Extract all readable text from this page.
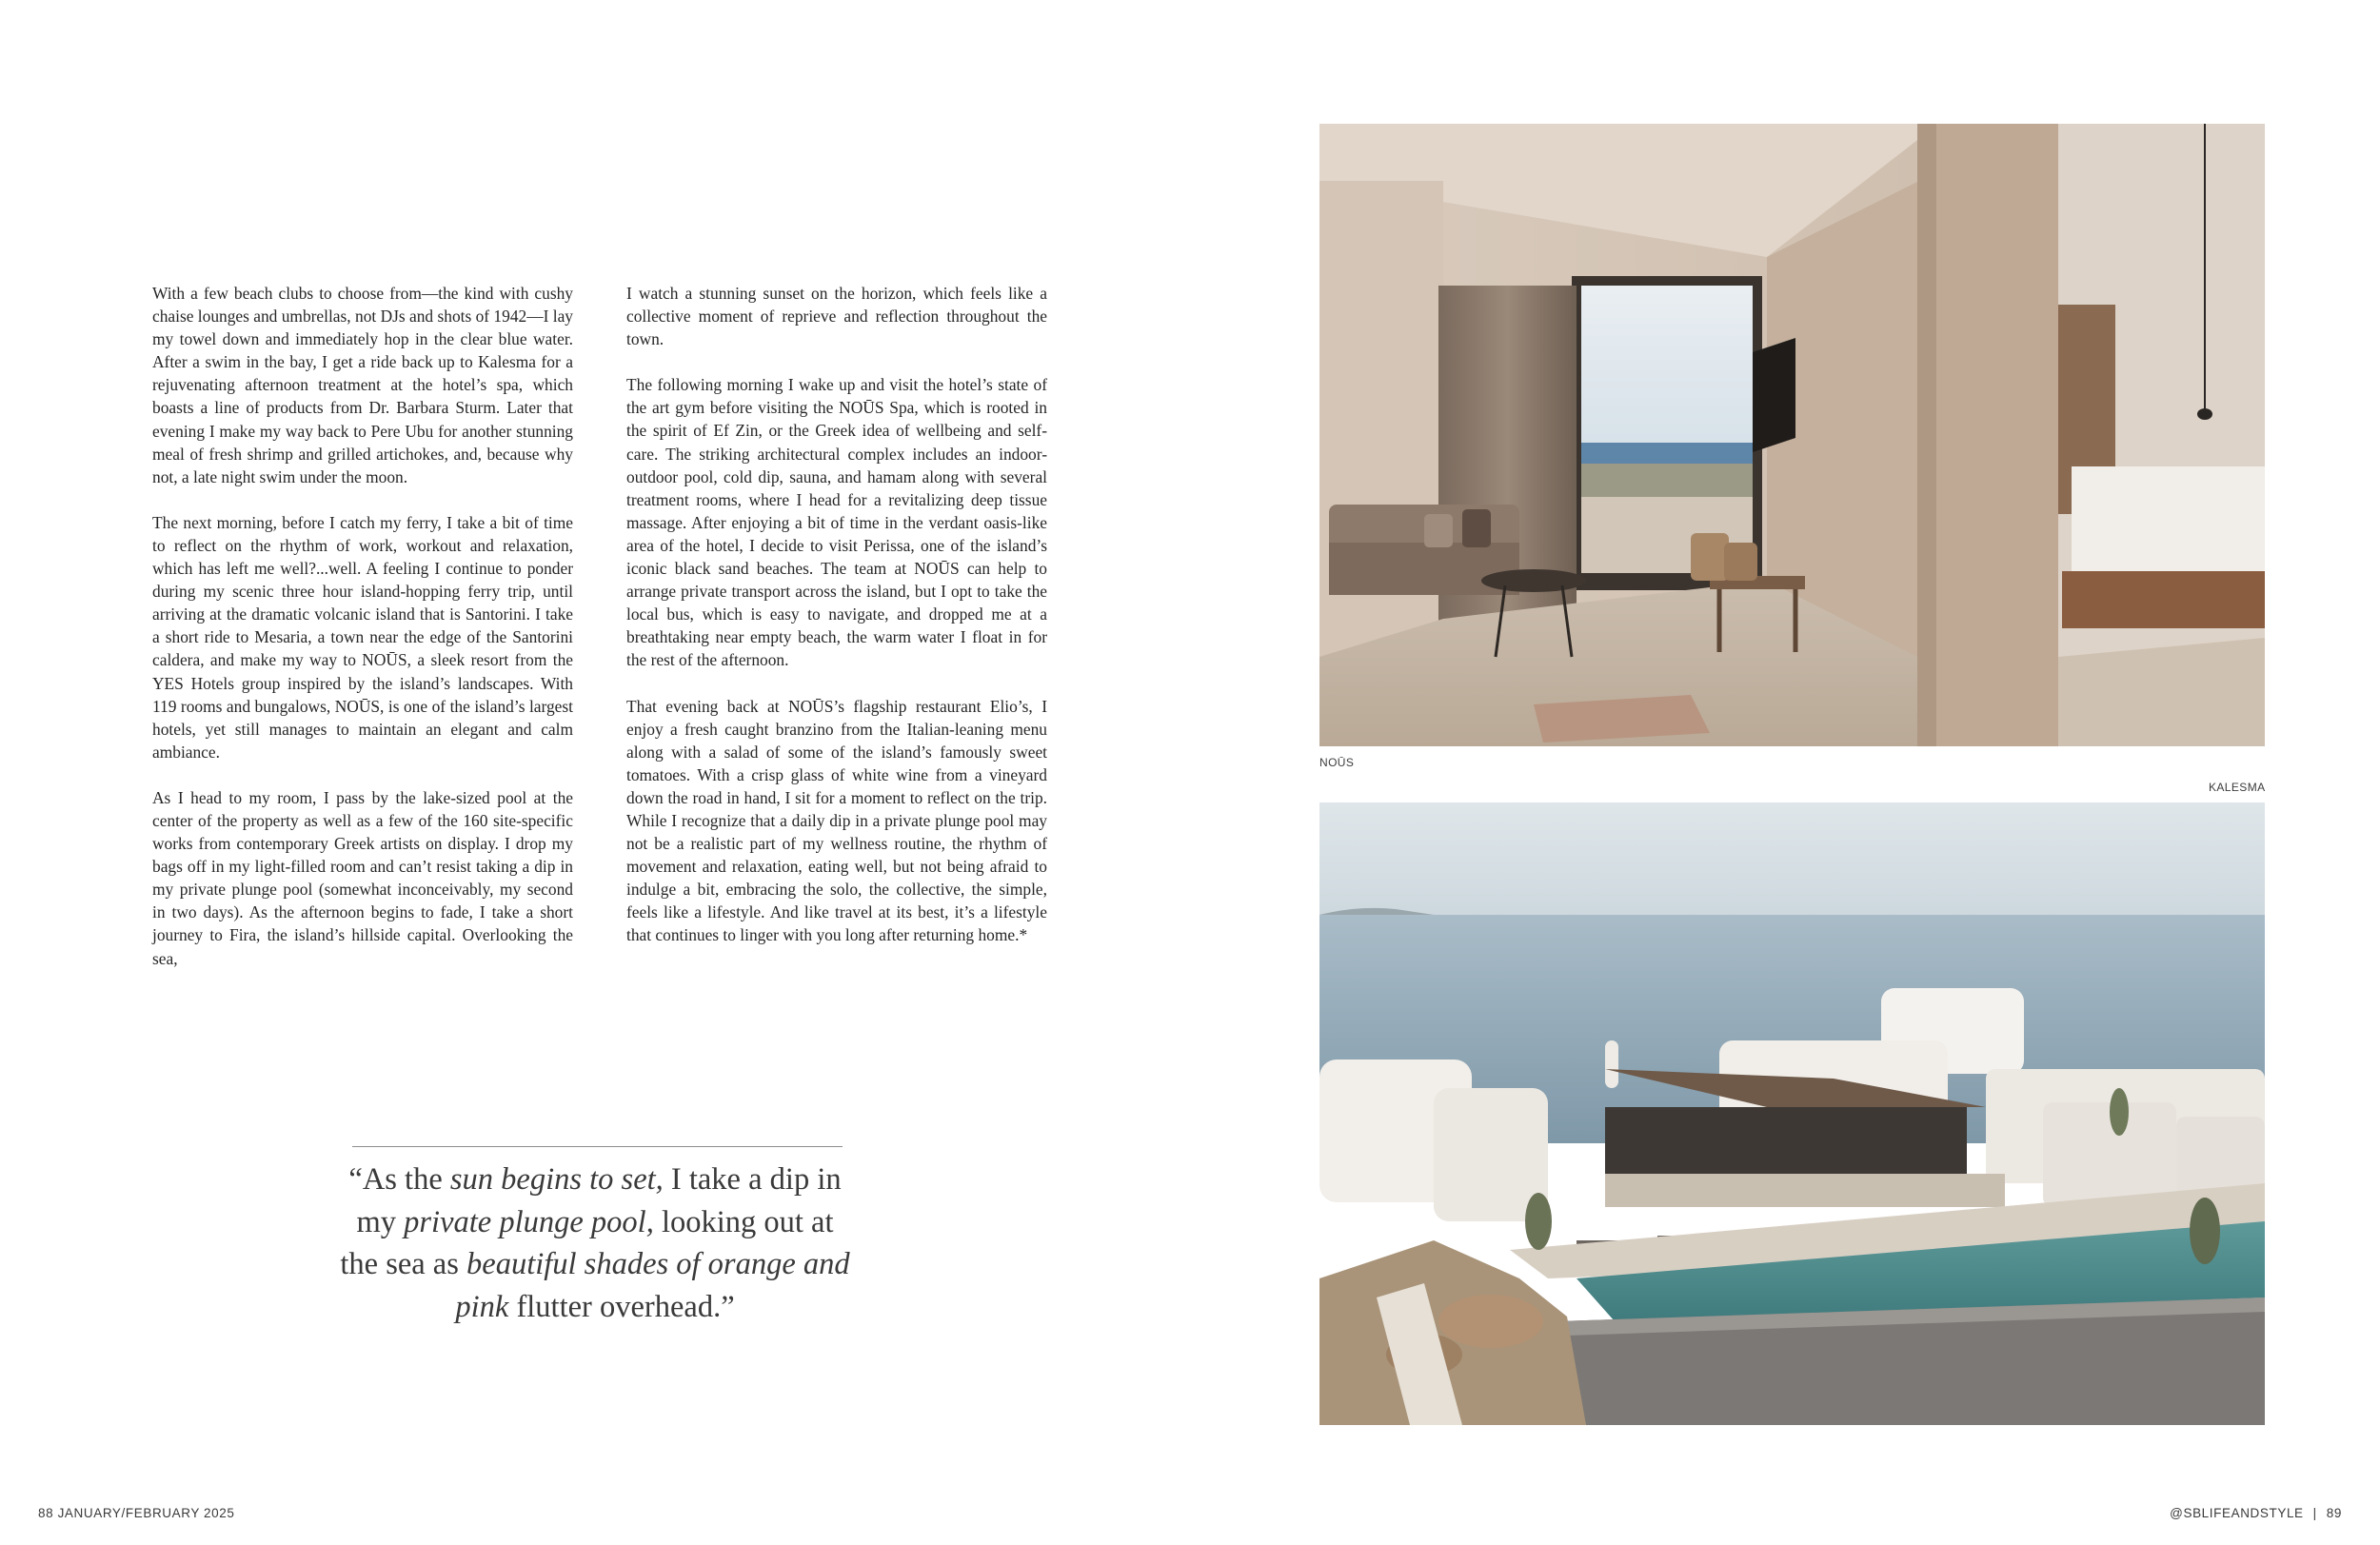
With a few beach clubs to choose from—the kind with cushy chaise lounges and umbrellas, not DJs and shots of 1942—I lay my towel down and immediately hop in the clear blue water. After a swim in the bay, I get a ride back up to Kalesma for a rejuvenating afternoon treatment at the hotel’s spa, which boasts a line of products from Dr. Barbara Sturm. Later that evening I make my way back to Pere Ubu for another stunning meal of fresh shrimp and grilled artichokes, and, because why not, a late night swim under the moon.

The next morning, before I catch my ferry, I take a bit of time to reflect on the rhythm of work, workout and relaxation, which has left me well?...well. A feeling I continue to ponder during my scenic three hour island-hopping ferry trip, until arriving at the dramatic volcanic island that is Santorini. I take a short ride to Mesaria, a town near the edge of the Santorini caldera, and make my way to NOŪS, a sleek resort from the YES Hotels group inspired by the island’s landscapes. With 119 rooms and bungalows, NOŪS, is one of the island’s largest hotels, yet still manages to maintain an elegant and calm ambiance.

As I head to my room, I pass by the lake-sized pool at the center of the property as well as a few of the 160 site-specific works from contemporary Greek artists on display. I drop my bags off in my light-filled room and can’t resist taking a dip in my private plunge pool (somewhat inconceivably, my second in two days). As the afternoon begins to fade, I take a short journey to Fira, the island’s hillside capital. Overlooking the sea,

I watch a stunning sunset on the horizon, which feels like a collective moment of reprieve and reflection throughout the town.

The following morning I wake up and visit the hotel’s state of the art gym before visiting the NOŪS Spa, which is rooted in the spirit of Ef Zin, or the Greek idea of wellbeing and self-care. The striking architectural complex includes an indoor-outdoor pool, cold dip, sauna, and hamam along with several treatment rooms, where I head for a revitalizing deep tissue massage. After enjoying a bit of time in the verdant oasis-like area of the hotel, I decide to visit Perissa, one of the island’s iconic black sand beaches. The team at NOŪS can help to arrange private transport across the island, but I opt to take the local bus, which is easy to navigate, and dropped me at a breathtaking near empty beach, the warm water I float in for the rest of the afternoon.

That evening back at NOŪS’s flagship restaurant Elio’s, I enjoy a fresh caught branzino from the Italian-leaning menu along with a salad of some of the island’s famously sweet tomatoes. With a crisp glass of white wine from a vineyard down the road in hand, I sit for a moment to reflect on the trip. While I recognize that a daily dip in a private plunge pool may not be a realistic part of my wellness routine, the rhythm of movement and relaxation, eating well, but not being afraid to indulge a bit, embracing the solo, the collective, the simple, feels like a lifestyle. And like travel at its best, it’s a lifestyle that continues to linger with you long after returning home.*

“As the sun begins to set, I take a dip in my private plunge pool, looking out at the sea as beautiful shades of orange and pink flutter overhead.”
NOŪS
KALESMA
88 JANUARY/FEBRUARY 2025	@SBLIFEANDSTYLE | 89
